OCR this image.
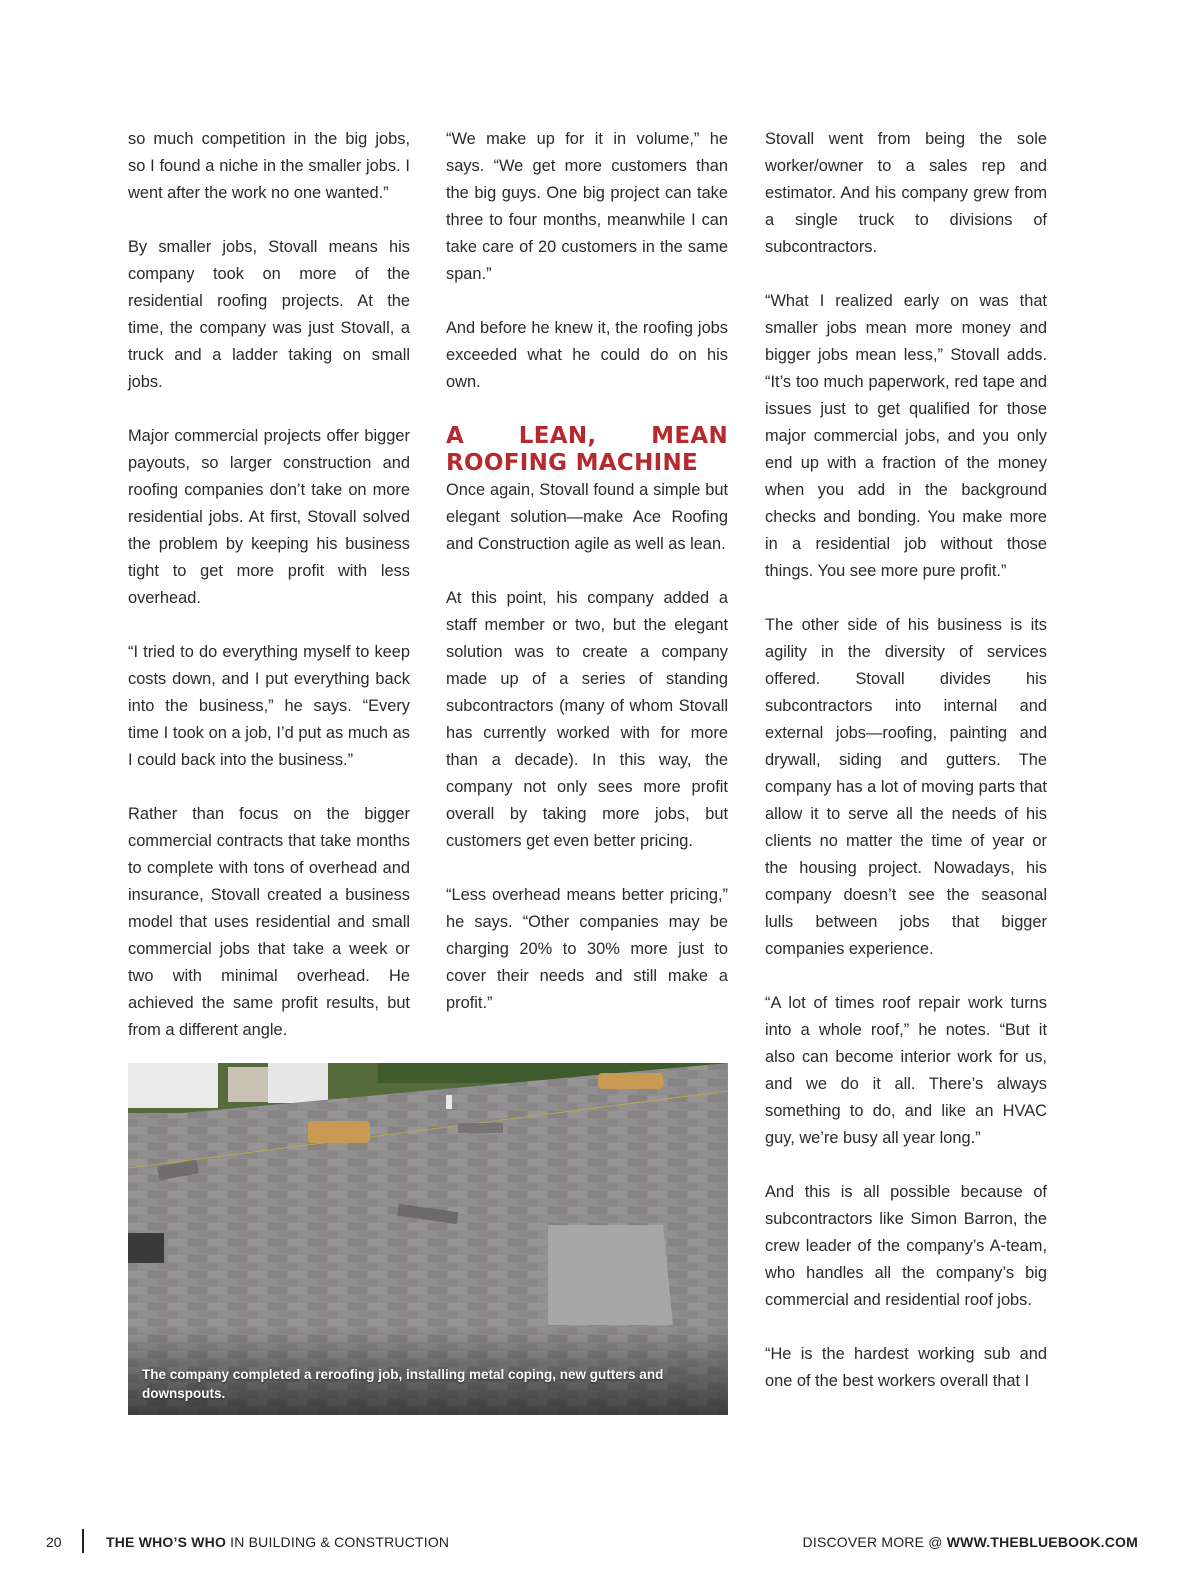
so much competition in the big jobs, so I found a niche in the smaller jobs. I went after the work no one wanted.”

By smaller jobs, Stovall means his company took on more of the residential roofing projects. At the time, the company was just Stovall, a truck and a ladder taking on small jobs.

Major commercial projects offer bigger payouts, so larger construction and roofing companies don’t take on more residential jobs. At first, Stovall solved the problem by keeping his business tight to get more profit with less overhead.

“I tried to do everything myself to keep costs down, and I put everything back into the business,” he says. “Every time I took on a job, I’d put as much as I could back into the business.”

Rather than focus on the bigger commercial contracts that take months to complete with tons of overhead and insurance, Stovall created a business model that uses residential and small commercial jobs that take a week or two with minimal overhead. He achieved the same profit results, but from a different angle.

“We make up for it in volume,” he says. “We get more customers than the big guys. One big project can take three to four months, meanwhile I can take care of 20 customers in the same span.”

And before he knew it, the roofing jobs exceeded what he could do on his own.

A LEAN, MEAN ROOFING MACHINE

Once again, Stovall found a simple but elegant solution—make Ace Roofing and Construction agile as well as lean.

At this point, his company added a staff member or two, but the elegant solution was to create a company made up of a series of standing subcontractors (many of whom Stovall has currently worked with for more than a decade). In this way, the company not only sees more profit overall by taking more jobs, but customers get even better pricing.

“Less overhead means better pricing,” he says. “Other companies may be charging 20% to 30% more just to cover their needs and still make a profit.”

Stovall went from being the sole worker/owner to a sales rep and estimator. And his company grew from a single truck to divisions of subcontractors.

“What I realized early on was that smaller jobs mean more money and bigger jobs mean less,” Stovall adds. “It’s too much paperwork, red tape and issues just to get qualified for those major commercial jobs, and you only end up with a fraction of the money when you add in the background checks and bonding. You make more in a residential job without those things. You see more pure profit.”

The other side of his business is its agility in the diversity of services offered. Stovall divides his subcontractors into internal and external jobs—roofing, painting and drywall, siding and gutters. The company has a lot of moving parts that allow it to serve all the needs of his clients no matter the time of year or the housing project. Nowadays, his company doesn’t see the seasonal lulls between jobs that bigger companies experience.

“A lot of times roof repair work turns into a whole roof,” he notes. “But it also can become interior work for us, and we do it all. There’s always something to do, and like an HVAC guy, we’re busy all year long.”

And this is all possible because of subcontractors like Simon Barron, the crew leader of the company’s A-team, who handles all the company’s big commercial and residential roof jobs.

“He is the hardest working sub and one of the best workers overall that I

The company completed a reroofing job, installing metal coping, new gutters and downspouts.
20	THE WHO’S WHO IN BUILDING & CONSTRUCTION	DISCOVER MORE @ WWW.THEBLUEBOOK.COM
